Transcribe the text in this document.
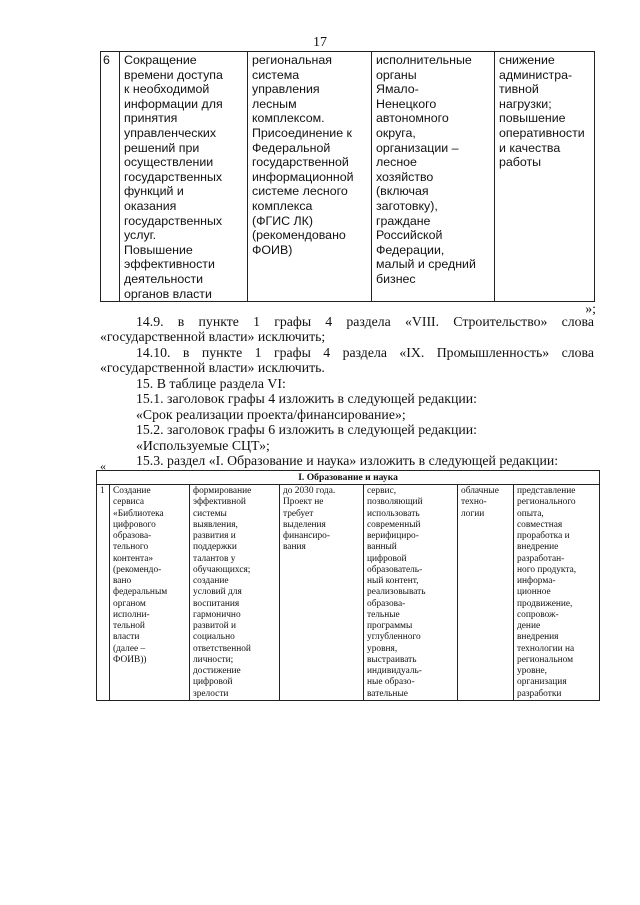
17
6	Сокращение
времени доступа
к необходимой
информации для
принятия
управленческих
решений при
осуществлении
государственных
функций и
оказания
государственных
услуг.
Повышение
эффективности
деятельности
органов власти	региональная
система
управления
лесным
комплексом.
Присоединение к
Федеральной
государственной
информационной
системе лесного
комплекса
(ФГИС ЛК)
(рекомендовано
ФОИВ)	исполнительные
органы
Ямало-
Ненецкого
автономного
округа,
организации –
лесное
хозяйство
(включая
заготовку),
граждане
Российской
Федерации,
малый и средний
бизнес	снижение
администра-
тивной
нагрузки;
повышение
оперативности
и качества
работы
»;
14.9. в пункте 1 графы 4 раздела «VIII. Строительство» слова
«государственной власти» исключить;
14.10. в пункте 1 графы 4 раздела «IX. Промышленность» слова
«государственной власти» исключить.
15. В таблице раздела VI:
15.1. заголовок графы 4 изложить в следующей редакции:
«Срок реализации проекта/финансирование»;
15.2. заголовок графы 6 изложить в следующей редакции:
«Используемые СЦТ»;
15.3. раздел «I. Образование и наука» изложить в следующей редакции:
«
I. Образование и наука
1	Создание
сервиса
«Библиотека
цифрового
образова-
тельного
контента»
(рекомендо-
вано
федеральным
органом
исполни-
тельной
власти
(далее –
ФОИВ))	формирование
эффективной
системы
выявления,
развития и
поддержки
талантов у
обучающихся;
создание
условий для
воспитания
гармонично
развитой и
социально
ответственной
личности;
достижение
цифровой
зрелости	до 2030 года.
Проект не
требует
выделения
финансиро-
вания	сервис,
позволяющий
использовать
современный
верифициро-
ванный
цифровой
образователь-
ный контент,
реализовывать
образова-
тельные
программы
углубленного
уровня,
выстраивать
индивидуаль-
ные образо-
вательные	облачные
техно-
логии	представление
регионального
опыта,
совместная
проработка и
внедрение
разработан-
ного продукта,
информа-
ционное
продвижение,
сопровож-
дение
внедрения
технологии на
региональном
уровне,
организация
разработки
